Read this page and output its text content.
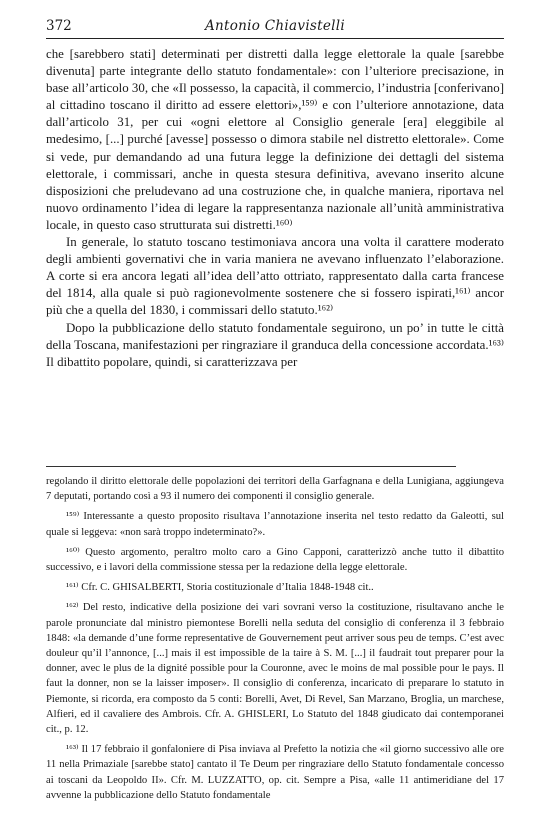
372	Antonio Chiavistelli

che [sarebbero stati] determinati per distretti dalla legge elettorale la quale [sarebbe divenuta] parte integrante dello statuto fondamentale»: con l’ulteriore precisazione, in base all’articolo 30, che «Il possesso, la capacità, il commercio, l’industria [conferivano] al cittadino toscano il diritto ad essere elettori»,¹⁵⁹⁾ e con l’ulteriore annotazione, data dall’articolo 31, per cui «ogni elettore al Consiglio generale [era] eleggibile al medesimo, [...] purché [avesse] possesso o dimora stabile nel distretto elettorale». Come si vede, pur demandando ad una futura legge la definizione dei dettagli del sistema elettorale, i commissari, anche in questa stesura definitiva, avevano inserito alcune disposizioni che preludevano ad una costruzione che, in qualche maniera, riportava nel nuovo ordinamento l’idea di legare la rappresentanza nazionale all’unità amministrativa locale, in questo caso strutturata sui distretti.¹⁶⁰⁾

In generale, lo statuto toscano testimoniava ancora una volta il carattere moderato degli ambienti governativi che in varia maniera ne avevano influenzato l’elaborazione. A corte si era ancora legati all’idea dell’atto ottriato, rappresentato dalla carta francese del 1814, alla quale si può ragionevolmente sostenere che si fossero ispirati,¹⁶¹⁾ ancor più che a quella del 1830, i commissari dello statuto.¹⁶²⁾

Dopo la pubblicazione dello statuto fondamentale seguirono, un po’ in tutte le città della Toscana, manifestazioni per ringraziare il granduca della concessione accordata.¹⁶³⁾ Il dibattito popolare, quindi, si caratterizzava per

regolando il diritto elettorale delle popolazioni dei territori della Garfagnana e della Lunigiana, aggiungeva 7 deputati, portando così a 93 il numero dei componenti il consiglio generale.

¹⁵⁹⁾ Interessante a questo proposito risultava l’annotazione inserita nel testo redatto da Galeotti, sul quale si leggeva: «non sarà troppo indeterminato?».

¹⁶⁰⁾ Questo argomento, peraltro molto caro a Gino Capponi, caratterizzò anche tutto il dibattito successivo, e i lavori della commissione stessa per la redazione della legge elettorale.

¹⁶¹⁾ Cfr. C. GHISALBERTI, Storia costituzionale d’Italia 1848-1948 cit..

¹⁶²⁾ Del resto, indicative della posizione dei vari sovrani verso la costituzione, risultavano anche le parole pronunciate dal ministro piemontese Borelli nella seduta del consiglio di conferenza il 3 febbraio 1848: «la demande d’une forme representative de Gouvernement peut arriver sous peu de temps. C’est avec douleur qu’il l’annonce, [...] mais il est impossible de la taire à S. M. [...] il faudrait tout preparer pour la donner, avec le plus de la dignité possible pour la Couronne, avec le moins de mal possible pour le pays. Il faut la donner, non se la laisser imposer». Il consiglio di conferenza, incaricato di preparare lo statuto in Piemonte, si ricorda, era composto da 5 conti: Borelli, Avet, Di Revel, San Marzano, Broglia, un marchese, Alfieri, ed il cavaliere des Ambrois. Cfr. A. GHISLERI, Lo Statuto del 1848 giudicato dai contemporanei cit., p. 12.

¹⁶³⁾ Il 17 febbraio il gonfaloniere di Pisa inviava al Prefetto la notizia che «il giorno successivo alle ore 11 nella Primaziale [sarebbe stato] cantato il Te Deum per ringraziare dello Statuto fondamentale concesso ai toscani da Leopoldo II». Cfr. M. LUZZATTO, op. cit. Sempre a Pisa, «alle 11 antimeridiane del 17 avvenne la pubblicazione dello Statuto fondamentale
